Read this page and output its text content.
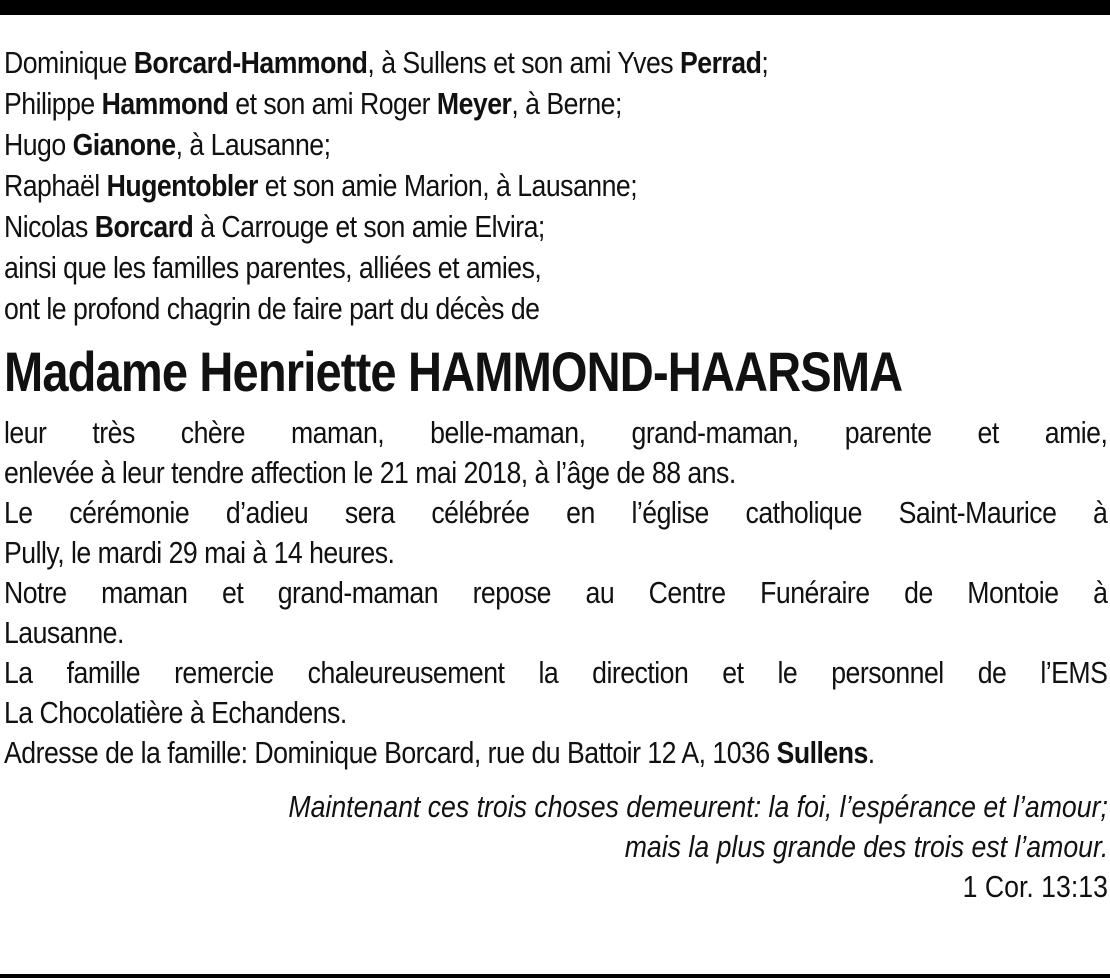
Dominique Borcard-Hammond, à Sullens et son ami Yves Perrad;

Philippe Hammond et son ami Roger Meyer, à Berne;

Hugo Gianone, à Lausanne;

Raphaël Hugentobler et son amie Marion, à Lausanne;

Nicolas Borcard à Carrouge et son amie Elvira;

ainsi que les familles parentes, alliées et amies,

ont le profond chagrin de faire part du décès de

Madame Henriette HAMMOND-HAARSMA

leur très chère maman, belle-maman, grand-maman, parente et amie,

enlevée à leur tendre affection le 21 mai 2018, à l’âge de 88 ans.

Le cérémonie d’adieu sera célébrée en l’église catholique Saint-Maurice à

Pully, le mardi 29 mai à 14 heures.

Notre maman et grand-maman repose au Centre Funéraire de Montoie à

Lausanne.

La famille remercie chaleureusement la direction et le personnel de l’EMS

La Chocolatière à Echandens.

Adresse de la famille: Dominique Borcard, rue du Battoir 12 A, 1036 Sullens.

Maintenant ces trois choses demeurent: la foi, l’espérance et l’amour;

mais la plus grande des trois est l’amour.

1 Cor. 13:13
